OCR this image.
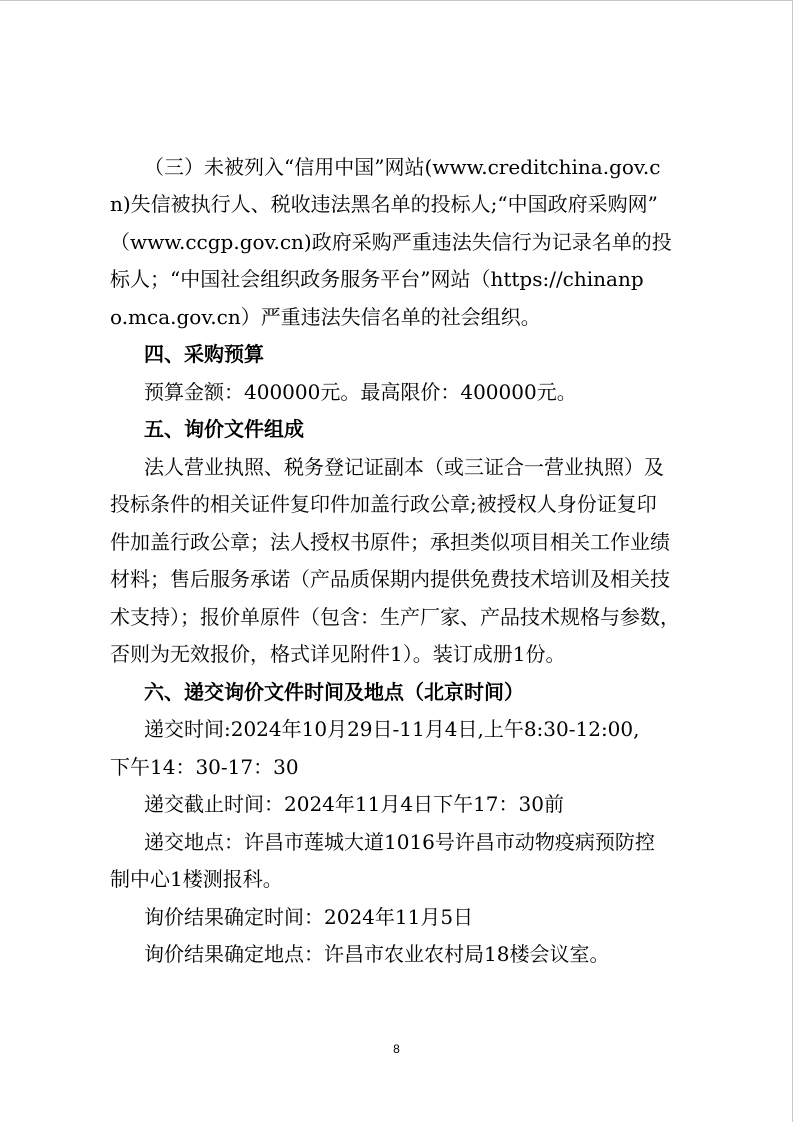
（三）未被列入“信用中国”网站(www.creditchina.gov.c
n)失信被执行人、税收违法黑名单的投标人;“中国政府采购网”
（www.ccgp.gov.cn)政府采购严重违法失信行为记录名单的投
标人；“中国社会组织政务服务平台”网站（https://chinanp
o.mca.gov.cn）严重违法失信名单的社会组织。
四、采购预算
预算金额：400000元。最高限价：400000元。
五、询价文件组成
法人营业执照、税务登记证副本（或三证合一营业执照）及
投标条件的相关证件复印件加盖行政公章;被授权人身份证复印
件加盖行政公章；法人授权书原件；承担类似项目相关工作业绩
材料；售后服务承诺（产品质保期内提供免费技术培训及相关技
术支持）；报价单原件（包含：生产厂家、产品技术规格与参数，
否则为无效报价，格式详见附件1）。装订成册1份。
六、递交询价文件时间及地点（北京时间）
递交时间:2024年10月29日-11月4日,上午8:30-12:00,
下午14：30-17：30
递交截止时间：2024年11月4日下午17：30前
递交地点：许昌市莲城大道1016号许昌市动物疫病预防控
制中心1楼测报科。
询价结果确定时间：2024年11月5日
询价结果确定地点：许昌市农业农村局18楼会议室。
8
